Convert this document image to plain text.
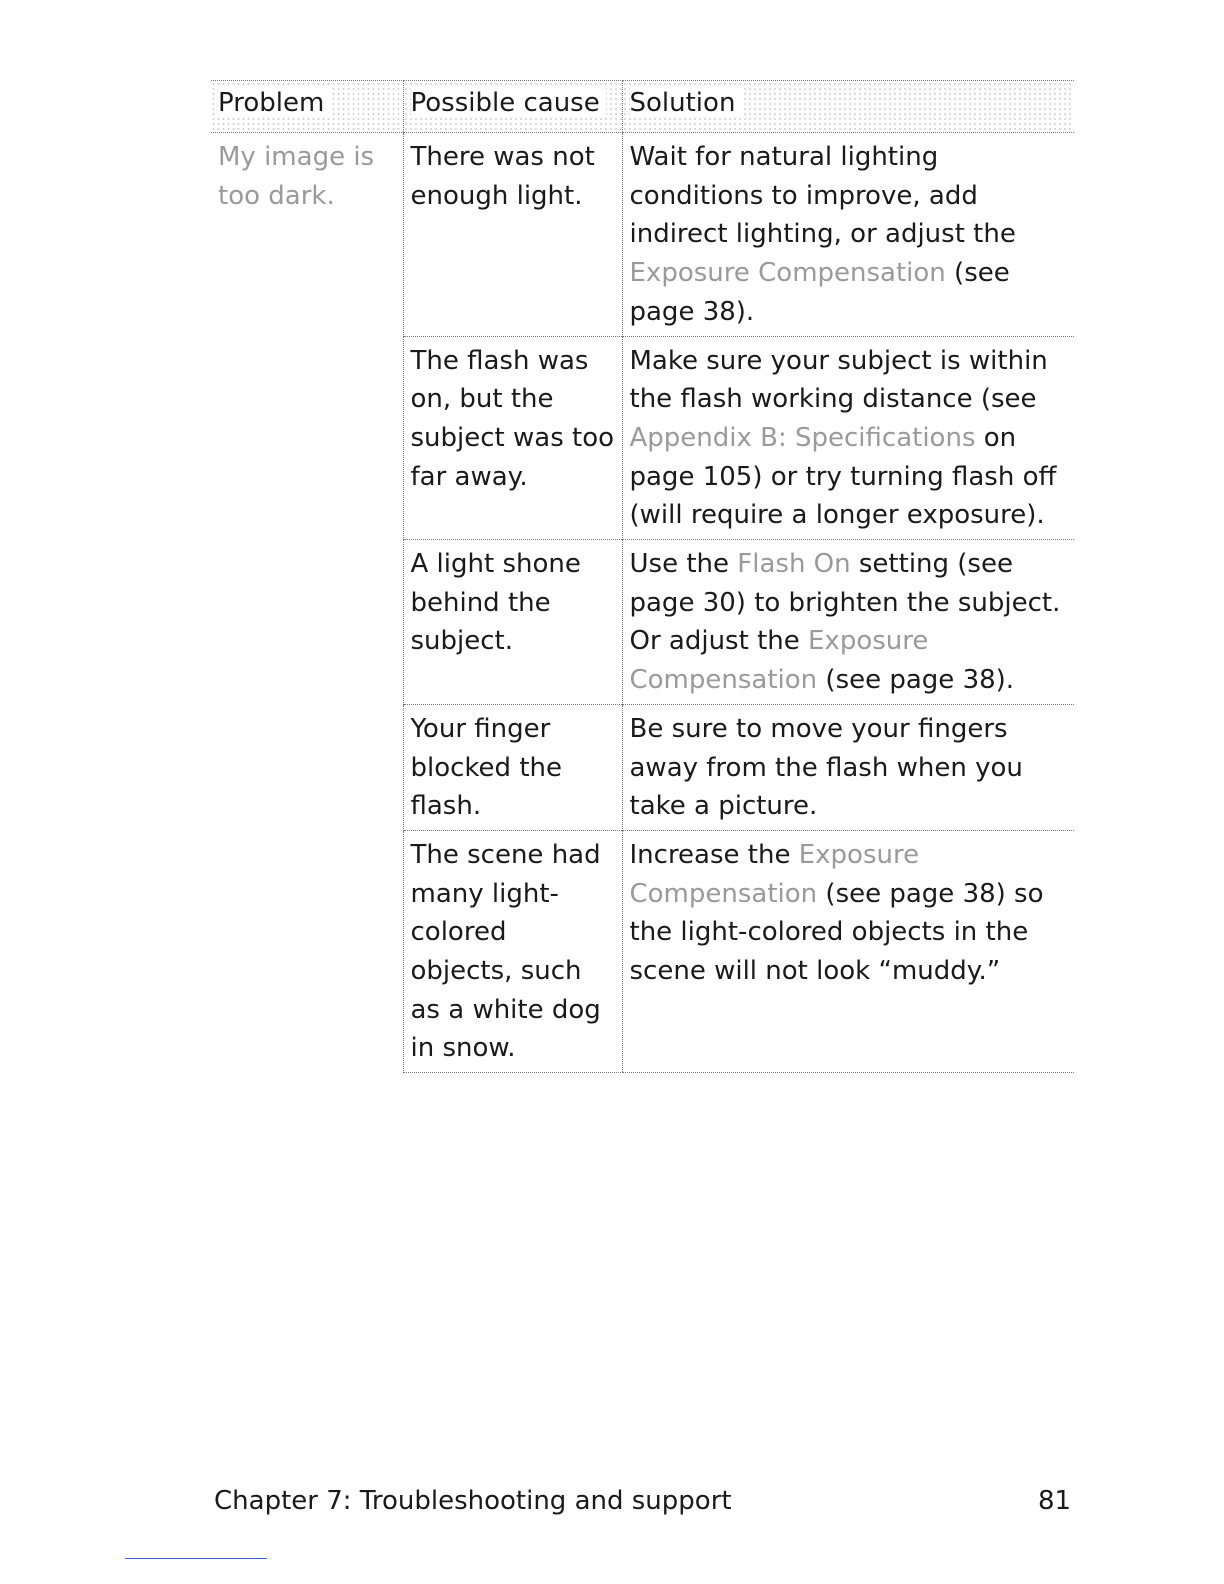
Problem	Possible cause	Solution
My image is too dark.	There was not enough light.	Wait for natural lighting conditions to improve, add indirect lighting, or adjust the Exposure Compensation (see page 38).
	The flash was on, but the subject was too far away.	Make sure your subject is within the flash working distance (see Appendix B: Specifications on page 105) or try turning flash off (will require a longer exposure).
	A light shone behind the subject.	Use the Flash On setting (see page 30) to brighten the subject. Or adjust the Exposure Compensation (see page 38).
	Your finger blocked the flash.	Be sure to move your fingers away from the flash when you take a picture.
	The scene had many light-colored objects, such as a white dog in snow.	Increase the Exposure Compensation (see page 38) so the light-colored objects in the scene will not look “muddy.”
Chapter 7: Troubleshooting and support	81
